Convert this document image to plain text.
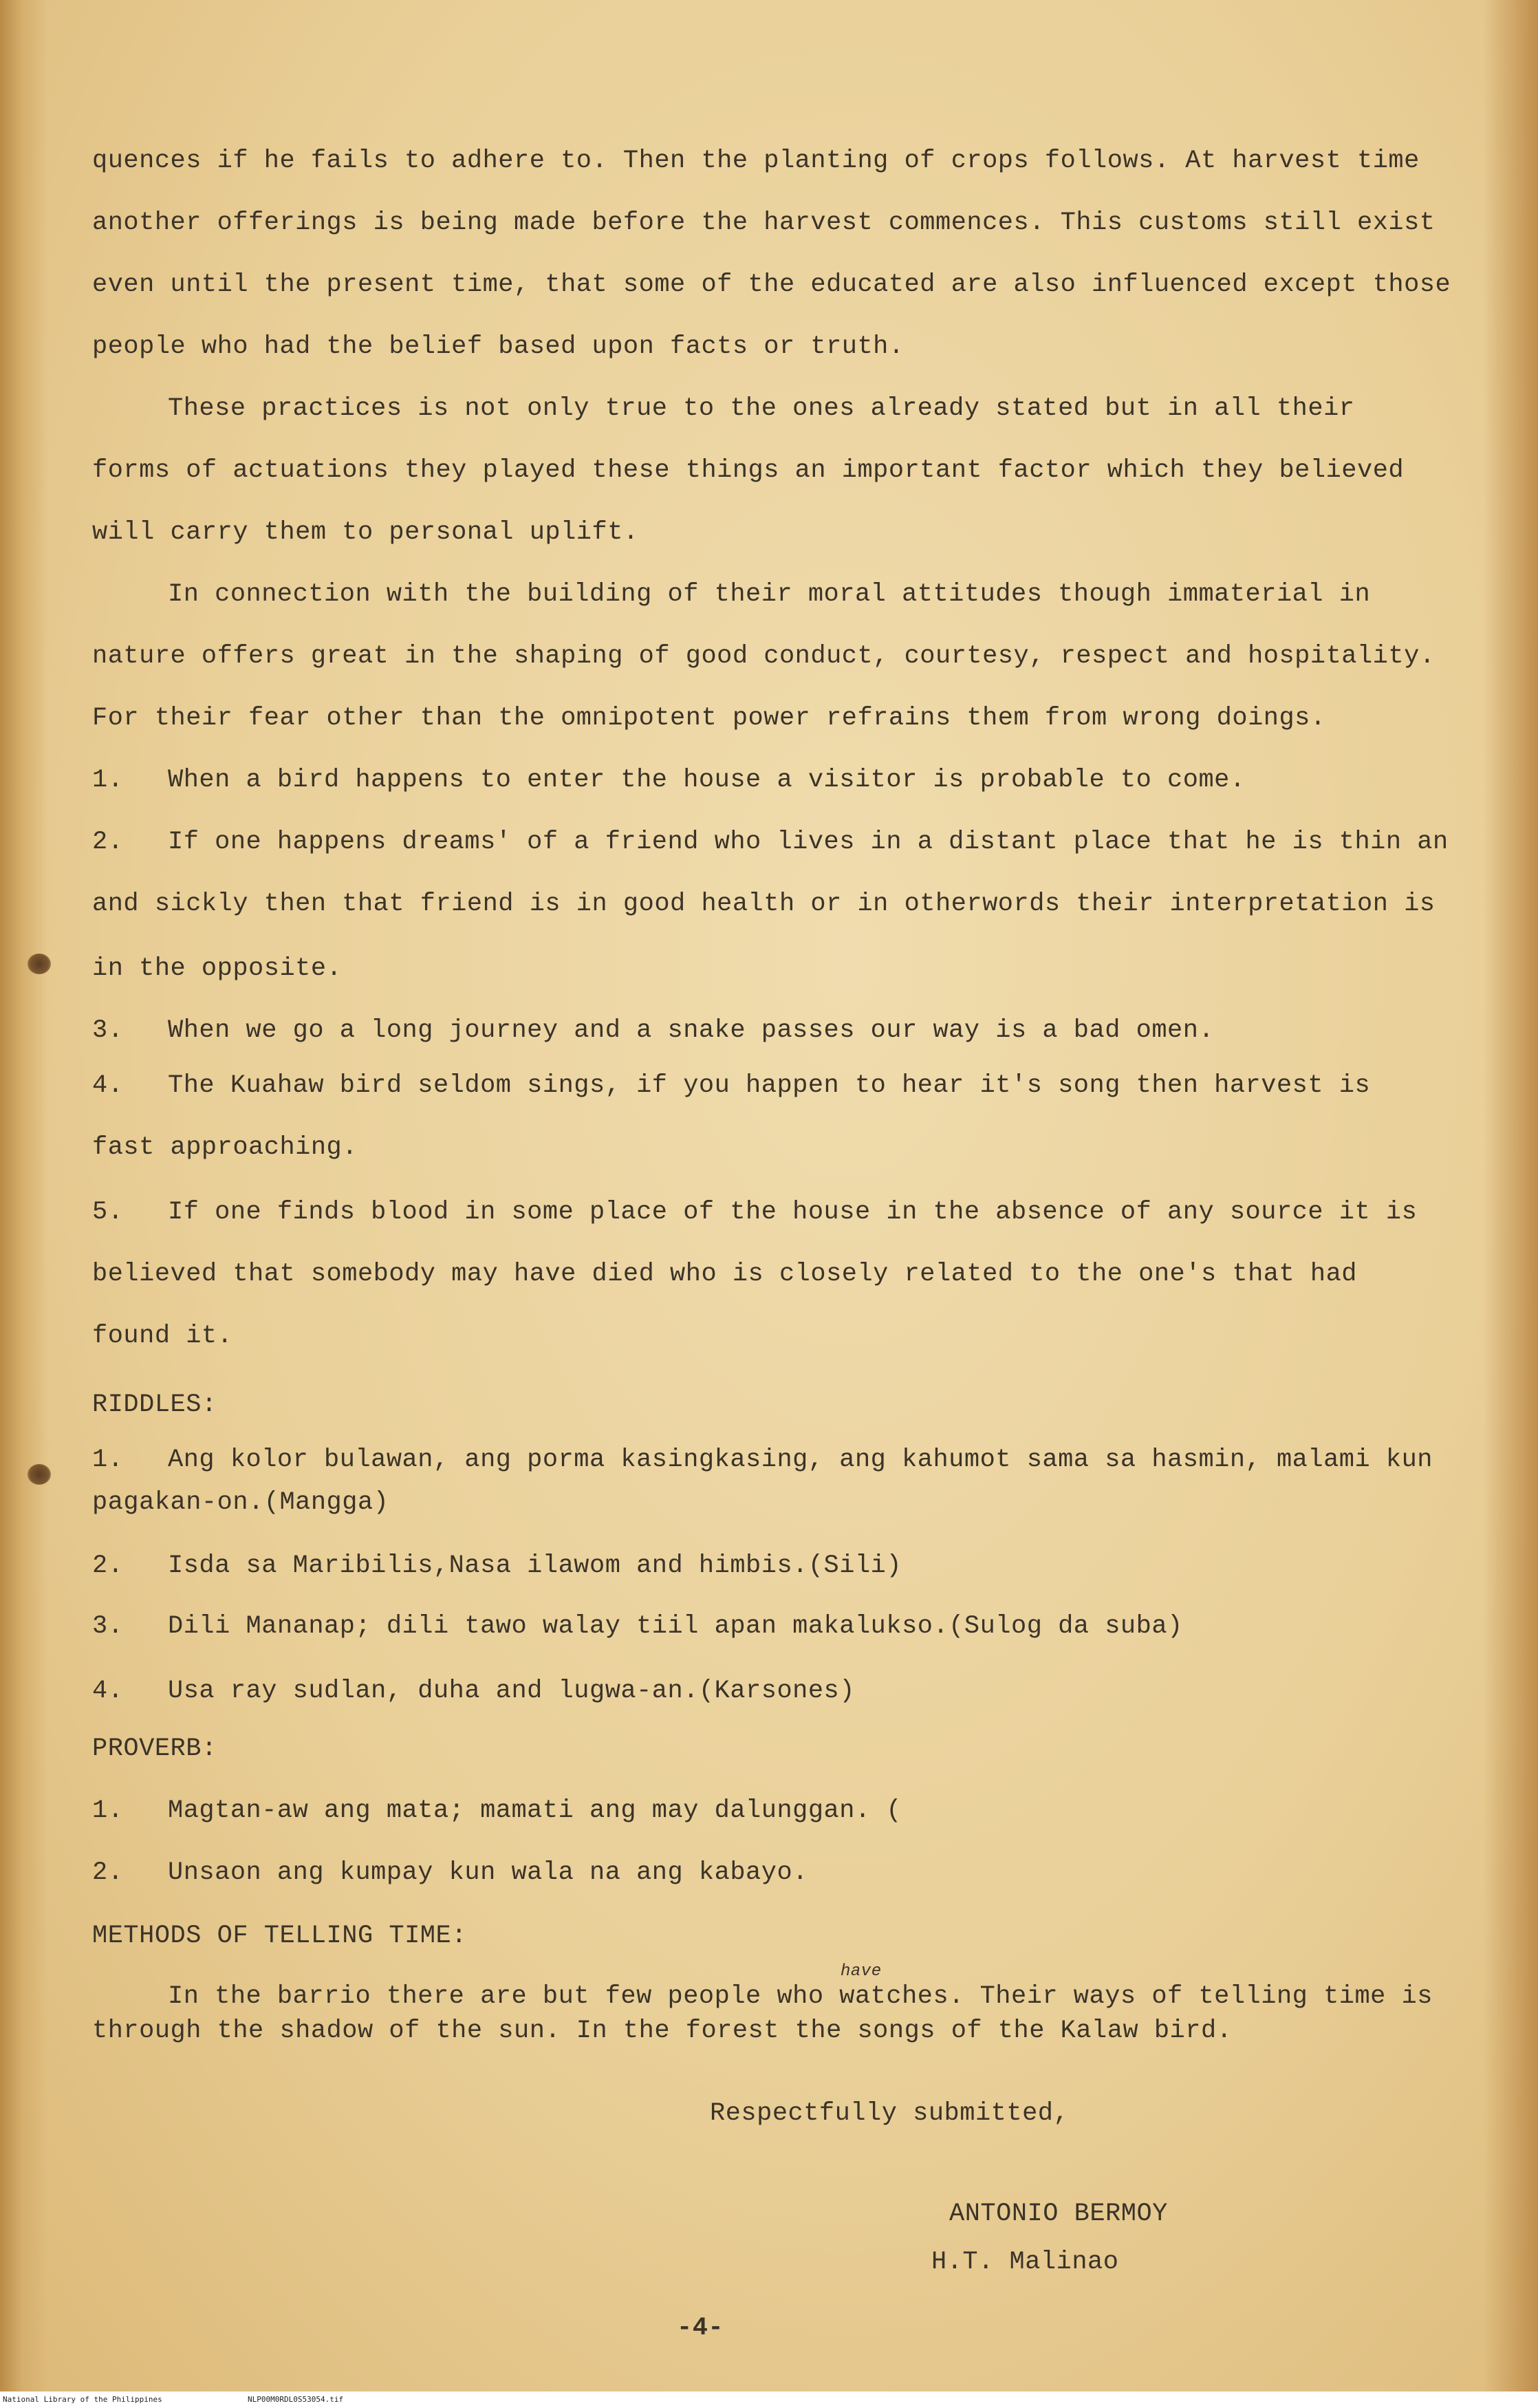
quences if he fails to adhere to. Then the planting of crops follows. At harvest time
another offerings is being made before the harvest commences. This customs still exist
even until the present time, that some of the educated are also influenced except those
people who had the belief based upon facts or truth.
These practices is not only true to the ones already stated but in all their
forms of actuations they played these things an important factor which they believed
will carry them to personal uplift.
In connection with the building of their moral attitudes though immaterial in
nature offers great in the shaping of good conduct, courtesy, respect and hospitality.
For their fear other than the omnipotent power refrains them from wrong doings.
1. When a bird happens to enter the house a visitor is probable to come.
2. If one happens dreams' of a friend who lives in a distant place that he is thin an
and sickly then that friend is in good health or in otherwords their interpretation is
in the opposite.
3. When we go a long journey and a snake passes our way is a bad omen.
4. The Kuahaw bird seldom sings, if you happen to hear it's song then harvest is
fast approaching.
5. If one finds blood in some place of the house in the absence of any source it is
believed that somebody may have died who is closely related to the one's that had
found it.
RIDDLES:
1. Ang kolor bulawan, ang porma kasingkasing, ang kahumot sama sa hasmin, malami kun
pagakan-on.(Mangga)
2. Isda sa Maribilis,Nasa ilawom and himbis.(Sili)
3. Dili Mananap; dili tawo walay tiil apan makalukso.(Sulog da suba)
4. Usa ray sudlan, duha and lugwa-an.(Karsones)
PROVERB:
1. Magtan-aw ang mata; mamati ang may dalunggan. (
2. Unsaon ang kumpay kun wala na ang kabayo.
METHODS OF TELLING TIME:
have
In the barrio there are but few people who watches. Their ways of telling time is
through the shadow of the sun. In the forest the songs of the Kalaw bird.
Respectfully submitted,
ANTONIO BERMOY
H.T. Malinao
-4-
National Library of the Philippines	NLP00M0RDL0S53054.tif
